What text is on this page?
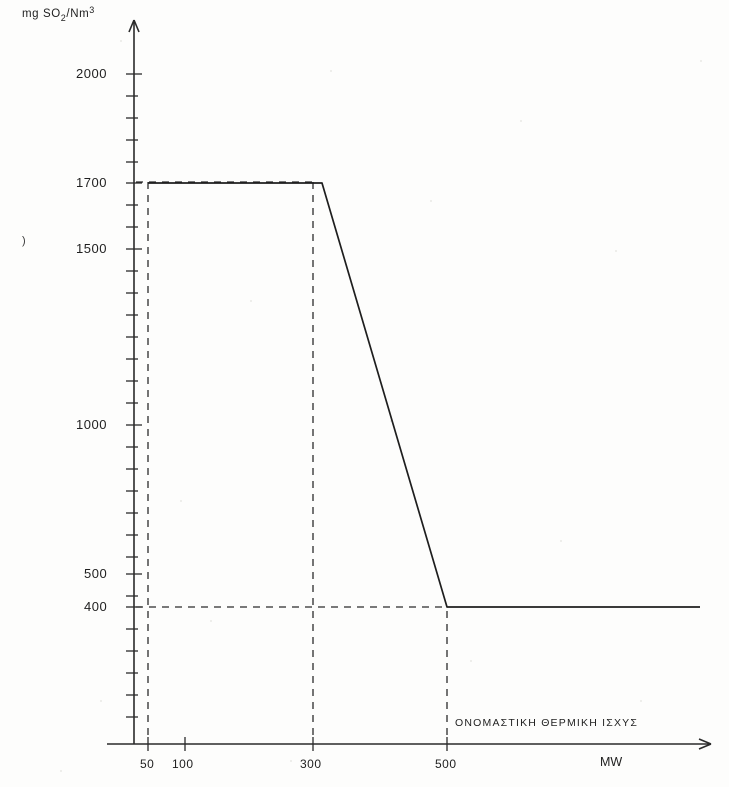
2000
1700
1500
1000
500
400
50 100	300	500	MW
ΟΝΟΜΑΣΤΙΚΗ ΘΕΡΜΙΚΗ ΙΣΧΥΣ
mg $SO_2/Nm^3$
)
